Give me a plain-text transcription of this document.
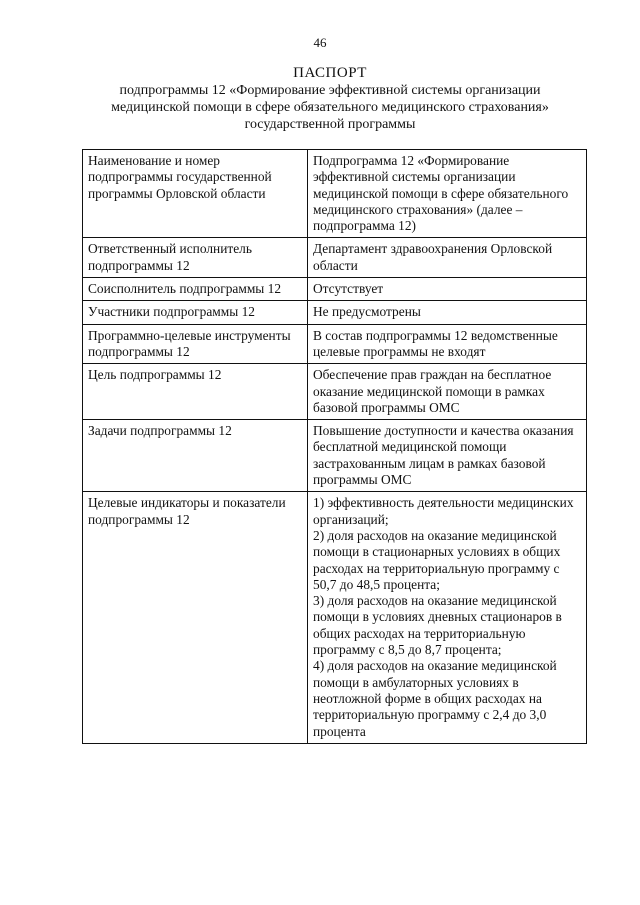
46
ПАСПОРТ
подпрограммы 12 «Формирование эффективной системы организации
медицинской помощи в сфере обязательного медицинского страхования»
государственной программы
Наименование и номер подпрограммы государственной программы Орловской области	Подпрограмма 12 «Формирование эффективной системы организации медицинской помощи в сфере обязательного медицинского страхования» (далее – подпрограмма 12)
Ответственный исполнитель подпрограммы 12	Департамент здравоохранения Орловской области
Соисполнитель подпрограммы 12	Отсутствует
Участники подпрограммы 12	Не предусмотрены
Программно-целевые инструменты подпрограммы 12	В состав подпрограммы 12 ведомственные целевые программы не входят
Цель подпрограммы 12	Обеспечение прав граждан на бесплатное оказание медицинской помощи в рамках базовой программы ОМС
Задачи подпрограммы 12	Повышение доступности и качества оказания бесплатной медицинской помощи застрахованным лицам в рамках базовой программы ОМС
Целевые индикаторы и показатели подпрограммы 12	1) эффективность деятельности медицинских организаций;
2) доля расходов на оказание медицинской помощи в стационарных условиях в общих расходах на территориальную программу с 50,7 до 48,5 процента;
3) доля расходов на оказание медицинской помощи в условиях дневных стационаров в общих расходах на территориальную программу с 8,5 до 8,7 процента;
4) доля расходов на оказание медицинской помощи в амбулаторных условиях в неотложной форме в общих расходах на территориальную программу с 2,4 до 3,0 процента
